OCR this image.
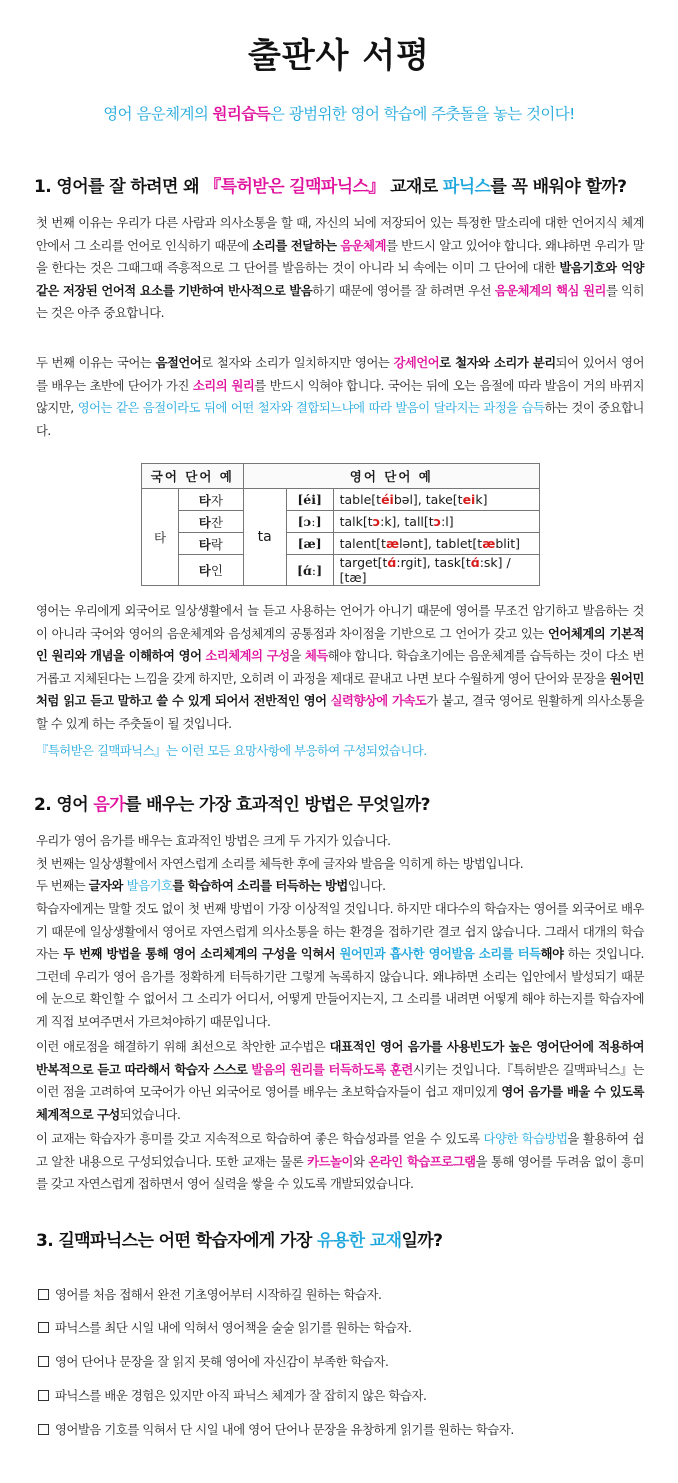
출판사 서평
영어 음운체계의 원리습득은 광범위한 영어 학습에 주춧돌을 놓는 것이다!
1. 영어를 잘 하려면 왜 『특허받은 길맥파닉스』 교재로 파닉스를 꼭 배워야 할까?
첫 번째 이유는 우리가 다른 사람과 의사소통을 할 때, 자신의 뇌에 저장되어 있는 특정한 말소리에 대한 언어지식 체계 안에서 그 소리를 언어로 인식하기 때문에 소리를 전달하는 음운체계를 반드시 알고 있어야 합니다. 왜냐하면 우리가 말을 한다는 것은 그때그때 즉흥적으로 그 단어를 발음하는 것이 아니라 뇌 속에는 이미 그 단어에 대한 발음기호와 억양 같은 저장된 언어적 요소를 기반하여 반사적으로 발음하기 때문에 영어를 잘 하려면 우선 음운체계의 핵심 원리를 익히는 것은 아주 중요합니다.
두 번째 이유는 국어는 음절언어로 철자와 소리가 일치하지만 영어는 강세언어로 철자와 소리가 분리되어 있어서 영어를 배우는 초반에 단어가 가진 소리의 원리를 반드시 익혀야 합니다. 국어는 뒤에 오는 음절에 따라 발음이 거의 바뀌지 않지만, 영어는 같은 음절이라도 뒤에 어떤 철자와 결합되느냐에 따라 발음이 달라지는 과정을 습득하는 것이 중요합니다.
국어 단어 예		영어 단어 예		
타	타자	ta	[éi]	table[téibəl], take[teik]
	타잔		[ɔː]	talk[tɔ:k], tall[tɔ:l]
	타락		[æ]	talent[tælənt], tablet[tæblit]
	타인		[ɑ́ː]	target[tɑ́:rgit], task[tɑ́:sk] / [tæ]
영어는 우리에게 외국어로 일상생활에서 늘 듣고 사용하는 언어가 아니기 때문에 영어를 무조건 암기하고 발음하는 것이 아니라 국어와 영어의 음운체계와 음성체계의 공통점과 차이점을 기반으로 그 언어가 갖고 있는 언어체계의 기본적인 원리와 개념을 이해하여 영어 소리체계의 구성을 체득해야 합니다. 학습초기에는 음운체계를 습득하는 것이 다소 번거롭고 지체된다는 느낌을 갖게 하지만, 오히려 이 과정을 제대로 끝내고 나면 보다 수월하게 영어 단어와 문장을 원어민처럼 읽고 듣고 말하고 쓸 수 있게 되어서 전반적인 영어 실력향상에 가속도가 붙고, 결국 영어로 원활하게 의사소통을 할 수 있게 하는 주춧돌이 될 것입니다.
『특허받은 길맥파닉스』는 이런 모든 요망사항에 부응하여 구성되었습니다.
2. 영어 음가를 배우는 가장 효과적인 방법은 무엇일까?
우리가 영어 음가를 배우는 효과적인 방법은 크게 두 가지가 있습니다.
첫 번째는 일상생활에서 자연스럽게 소리를 체득한 후에 글자와 발음을 익히게 하는 방법입니다.
두 번째는 글자와 발음기호를 학습하여 소리를 터득하는 방법입니다.
학습자에게는 말할 것도 없이 첫 번째 방법이 가장 이상적일 것입니다. 하지만 대다수의 학습자는 영어를 외국어로 배우기 때문에 일상생활에서 영어로 자연스럽게 의사소통을 하는 환경을 접하기란 결코 쉽지 않습니다. 그래서 대개의 학습자는 두 번째 방법을 통해 영어 소리체계의 구성을 익혀서 원어민과 흡사한 영어발음 소리를 터득해야 하는 것입니다. 그런데 우리가 영어 음가를 정확하게 터득하기란 그렇게 녹록하지 않습니다. 왜냐하면 소리는 입안에서 발성되기 때문에 눈으로 확인할 수 없어서 그 소리가 어디서, 어떻게 만들어지는지, 그 소리를 내려면 어떻게 해야 하는지를 학습자에게 직접 보여주면서 가르쳐야하기 때문입니다.
이런 애로점을 해결하기 위해 최선으로 착안한 교수법은 대표적인 영어 음가를 사용빈도가 높은 영어단어에 적용하여 반복적으로 듣고 따라해서 학습자 스스로 발음의 원리를 터득하도록 훈련시키는 것입니다.『특허받은 길맥파닉스』는 이런 점을 고려하여 모국어가 아닌 외국어로 영어를 배우는 초보학습자들이 쉽고 재미있게 영어 음가를 배울 수 있도록 체계적으로 구성되었습니다.
이 교재는 학습자가 흥미를 갖고 지속적으로 학습하여 좋은 학습성과를 얻을 수 있도록 다양한 학습방법을 활용하여 쉽고 알찬 내용으로 구성되었습니다. 또한 교재는 물론 카드놀이와 온라인 학습프로그램을 통해 영어를 두려움 없이 흥미를 갖고 자연스럽게 접하면서 영어 실력을 쌓을 수 있도록 개발되었습니다.
3. 길맥파닉스는 어떤 학습자에게 가장 유용한 교재일까?
영어를 처음 접해서 완전 기초영어부터 시작하길 원하는 학습자.
파닉스를 최단 시일 내에 익혀서 영어책을 술술 읽기를 원하는 학습자.
영어 단어나 문장을 잘 읽지 못해 영어에 자신감이 부족한 학습자.
파닉스를 배운 경험은 있지만 아직 파닉스 체계가 잘 잡히지 않은 학습자.
영어발음 기호를 익혀서 단 시일 내에 영어 단어나 문장을 유창하게 읽기를 원하는 학습자.
